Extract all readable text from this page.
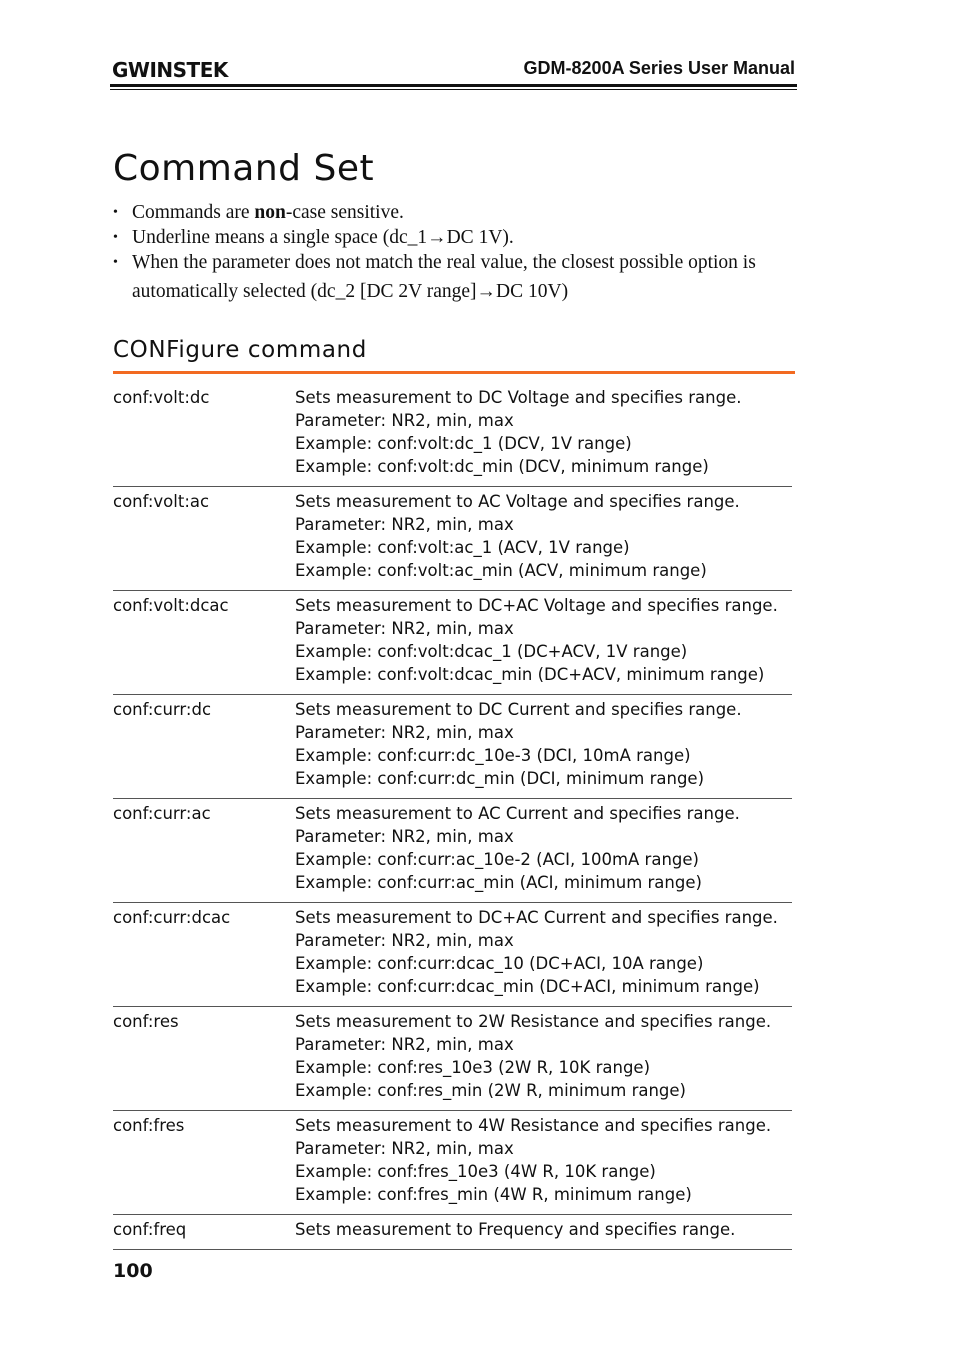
GWINSTEK	GDM-8200A Series User Manual
Command Set
• Commands are non-case sensitive.
• Underline means a single space (dc_1→DC 1V).
• When the parameter does not match the real value, the closest possible option is automatically selected (dc_2 [DC 2V range]→DC 10V)
CONFigure command
conf:volt:dc	Sets measurement to DC Voltage and specifies range.
Parameter: NR2, min, max
Example: conf:volt:dc_1 (DCV, 1V range)
Example: conf:volt:dc_min (DCV, minimum range)

conf:volt:ac	Sets measurement to AC Voltage and specifies range.
Parameter: NR2, min, max
Example: conf:volt:ac_1 (ACV, 1V range)
Example: conf:volt:ac_min (ACV, minimum range)

conf:volt:dcac	Sets measurement to DC+AC Voltage and specifies range.
Parameter: NR2, min, max
Example: conf:volt:dcac_1 (DC+ACV, 1V range)
Example: conf:volt:dcac_min (DC+ACV, minimum range)

conf:curr:dc	Sets measurement to DC Current and specifies range.
Parameter: NR2, min, max
Example: conf:curr:dc_10e-3 (DCI, 10mA range)
Example: conf:curr:dc_min (DCI, minimum range)

conf:curr:ac	Sets measurement to AC Current and specifies range.
Parameter: NR2, min, max
Example: conf:curr:ac_10e-2 (ACI, 100mA range)
Example: conf:curr:ac_min (ACI, minimum range)

conf:curr:dcac	Sets measurement to DC+AC Current and specifies range.
Parameter: NR2, min, max
Example: conf:curr:dcac_10 (DC+ACI, 10A range)
Example: conf:curr:dcac_min (DC+ACI, minimum range)

conf:res	Sets measurement to 2W Resistance and specifies range.
Parameter: NR2, min, max
Example: conf:res_10e3 (2W R, 10K range)
Example: conf:res_min (2W R, minimum range)

conf:fres	Sets measurement to 4W Resistance and specifies range.
Parameter: NR2, min, max
Example: conf:fres_10e3 (4W R, 10K range)
Example: conf:fres_min (4W R, minimum range)

conf:freq	Sets measurement to Frequency and specifies range.
100
